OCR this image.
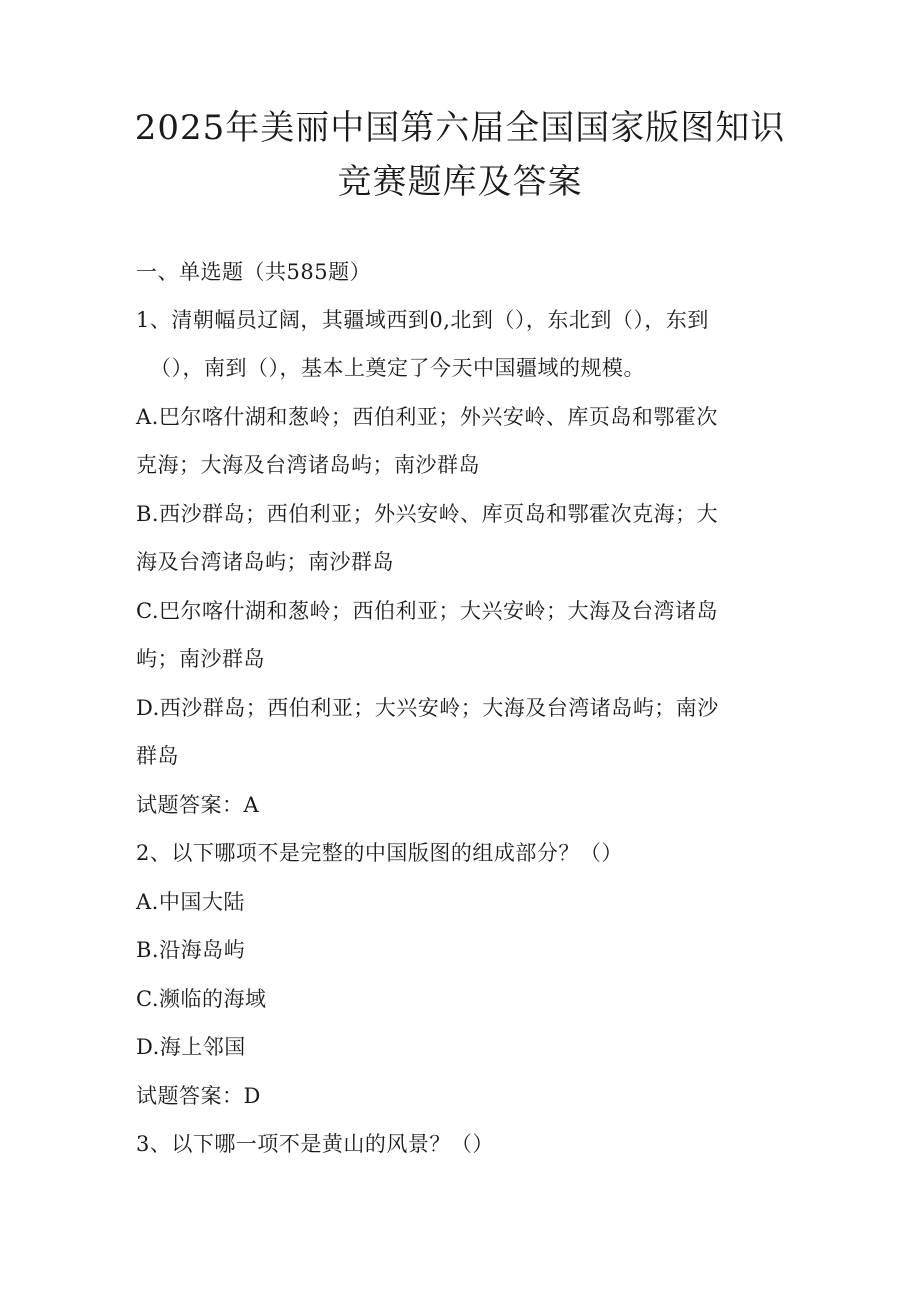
2025年美丽中国第六届全国国家版图知识
竞赛题库及答案
一、单选题（共585题）
1、清朝幅员辽阔，其疆域西到0,北到（），东北到（），东到
（），南到（），基本上奠定了今天中国疆域的规模。
A.巴尔喀什湖和葱岭；西伯利亚；外兴安岭、库页岛和鄂霍次
克海；大海及台湾诸岛屿；南沙群岛
B.西沙群岛；西伯利亚；外兴安岭、库页岛和鄂霍次克海；大
海及台湾诸岛屿；南沙群岛
C.巴尔喀什湖和葱岭；西伯利亚；大兴安岭；大海及台湾诸岛
屿；南沙群岛
D.西沙群岛；西伯利亚；大兴安岭；大海及台湾诸岛屿；南沙
群岛
试题答案：A
2、以下哪项不是完整的中国版图的组成部分？（）
A.中国大陆
B.沿海岛屿
C.濒临的海域
D.海上邻国
试题答案：D
3、以下哪一项不是黄山的风景？（）
